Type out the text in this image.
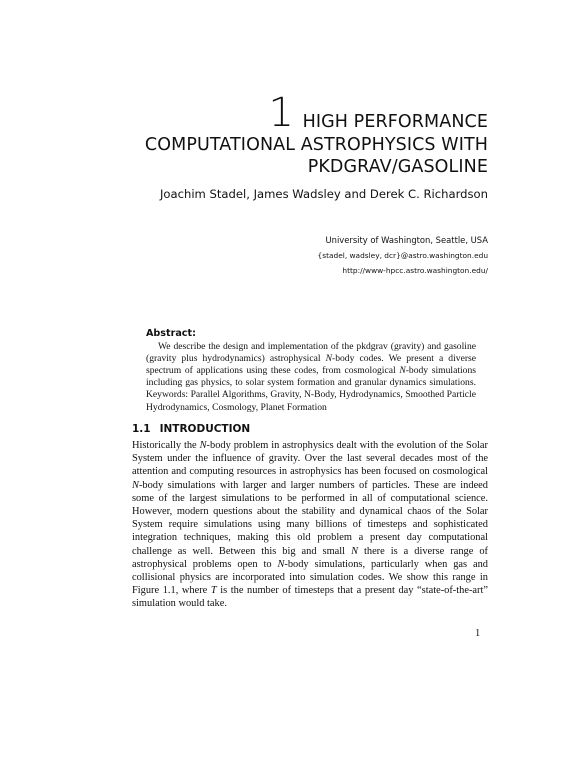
1 HIGH PERFORMANCE
COMPUTATIONAL ASTROPHYSICS WITH
PKDGRAV/GASOLINE
Joachim Stadel, James Wadsley and Derek C. Richardson
University of Washington, Seattle, USA
{stadel, wadsley, dcr}@astro.washington.edu
http://www-hpcc.astro.washington.edu/
Abstract:
We describe the design and implementation of the pkdgrav (gravity) and gasoline (gravity plus hydrodynamics) astrophysical N-body codes. We present a diverse spectrum of applications using these codes, from cosmological N-body simulations including gas physics, to solar system formation and granular dynamics simulations. Keywords: Parallel Algorithms, Gravity, N-Body, Hydrodynamics, Smoothed Particle Hydrodynamics, Cosmology, Planet Formation
1.1 INTRODUCTION
Historically the N-body problem in astrophysics dealt with the evolution of the Solar System under the influence of gravity. Over the last several decades most of the attention and computing resources in astrophysics has been focused on cosmological N-body simulations with larger and larger numbers of particles. These are indeed some of the largest simulations to be performed in all of computational science. However, modern questions about the stability and dynamical chaos of the Solar System require simulations using many billions of timesteps and sophisticated integration techniques, making this old problem a present day computational challenge as well. Between this big and small N there is a diverse range of astrophysical problems open to N-body simulations, particularly when gas and collisional physics are incorporated into simulation codes. We show this range in Figure 1.1, where T is the number of timesteps that a present day “state-of-the-art” simulation would take.
1
